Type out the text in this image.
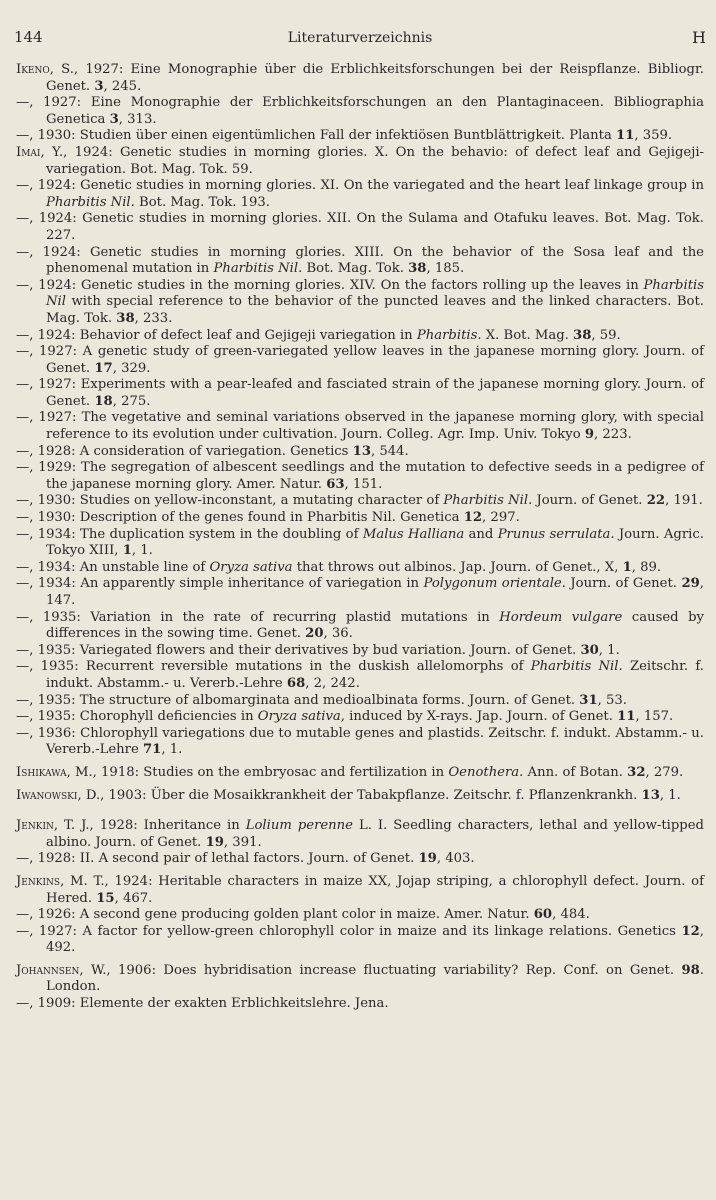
144	Literaturverzeichnis	H

Ikeno, S., 1927: Eine Monographie über die Erblichkeitsforschungen bei der Reispflanze. Bibliogr. Genet. 3, 245.

—, 1927: Eine Monographie der Erblichkeitsforschungen an den Plantaginaceen. Bibliographia Genetica 3, 313.

—, 1930: Studien über einen eigentümlichen Fall der infektiösen Buntblättrigkeit. Planta 11, 359.

Imai, Y., 1924: Genetic studies in morning glories. X. On the behavio: of defect leaf and Gejigeji-variegation. Bot. Mag. Tok. 59.

—, 1924: Genetic studies in morning glories. XI. On the variegated and the heart leaf linkage group in Pharbitis Nil. Bot. Mag. Tok. 193.

—, 1924: Genetic studies in morning glories. XII. On the Sulama and Otafuku leaves. Bot. Mag. Tok. 227.

—, 1924: Genetic studies in morning glories. XIII. On the behavior of the Sosa leaf and the phenomenal mutation in Pharbitis Nil. Bot. Mag. Tok. 38, 185.

—, 1924: Genetic studies in the morning glories. XIV. On the factors rolling up the leaves in Pharbitis Nil with special reference to the behavior of the puncted leaves and the linked characters. Bot. Mag. Tok. 38, 233.

—, 1924: Behavior of defect leaf and Gejigeji variegation in Pharbitis. X. Bot. Mag. 38, 59.

—, 1927: A genetic study of green-variegated yellow leaves in the japanese morning glory. Journ. of Genet. 17, 329.

—, 1927: Experiments with a pear-leafed and fasciated strain of the japanese morning glory. Journ. of Genet. 18, 275.

—, 1927: The vegetative and seminal variations observed in the japanese morning glory, with special reference to its evolution under cultivation. Journ. Colleg. Agr. Imp. Univ. Tokyo 9, 223.

—, 1928: A consideration of variegation. Genetics 13, 544.

—, 1929: The segregation of albescent seedlings and the mutation to defective seeds in a pedigree of the japanese morning glory. Amer. Natur. 63, 151.

—, 1930: Studies on yellow-inconstant, a mutating character of Pharbitis Nil. Journ. of Genet. 22, 191.

—, 1930: Description of the genes found in Pharbitis Nil. Genetica 12, 297.

—, 1934: The duplication system in the doubling of Malus Halliana and Prunus serrulata. Journ. Agric. Tokyo XIII, 1, 1.

—, 1934: An unstable line of Oryza sativa that throws out albinos. Jap. Journ. of Genet., X, 1, 89.

—, 1934: An apparently simple inheritance of variegation in Polygonum orientale. Journ. of Genet. 29, 147.

—, 1935: Variation in the rate of recurring plastid mutations in Hordeum vulgare caused by differences in the sowing time. Genet. 20, 36.

—, 1935: Variegated flowers and their derivatives by bud variation. Journ. of Genet. 30, 1.

—, 1935: Recurrent reversible mutations in the duskish allelomorphs of Pharbitis Nil. Zeitschr. f. indukt. Abstamm.- u. Vererb.-Lehre 68, 2, 242.

—, 1935: The structure of albomarginata and medioalbinata forms. Journ. of Genet. 31, 53.

—, 1935: Chorophyll deficiencies in Oryza sativa, induced by X-rays. Jap. Journ. of Genet. 11, 157.

—, 1936: Chlorophyll variegations due to mutable genes and plastids. Zeitschr. f. indukt. Abstamm.- u. Vererb.-Lehre 71, 1.

Ishikawa, M., 1918: Studies on the embryosac and fertilization in Oenothera. Ann. of Botan. 32, 279.

Iwanowski, D., 1903: Über die Mosaikkrankheit der Tabakpflanze. Zeitschr. f. Pflanzenkrankh. 13, 1.

Jenkin, T. J., 1928: Inheritance in Lolium perenne L. I. Seedling characters, lethal and yellow-tipped albino. Journ. of Genet. 19, 391.

—, 1928: II. A second pair of lethal factors. Journ. of Genet. 19, 403.

Jenkins, M. T., 1924: Heritable characters in maize XX, Jojap striping, a chlorophyll defect. Journ. of Hered. 15, 467.

—, 1926: A second gene producing golden plant color in maize. Amer. Natur. 60, 484.

—, 1927: A factor for yellow-green chlorophyll color in maize and its linkage relations. Genetics 12, 492.

Johannsen, W., 1906: Does hybridisation increase fluctuating variability? Rep. Conf. on Genet. 98. London.

—, 1909: Elemente der exakten Erblichkeitslehre. Jena.
